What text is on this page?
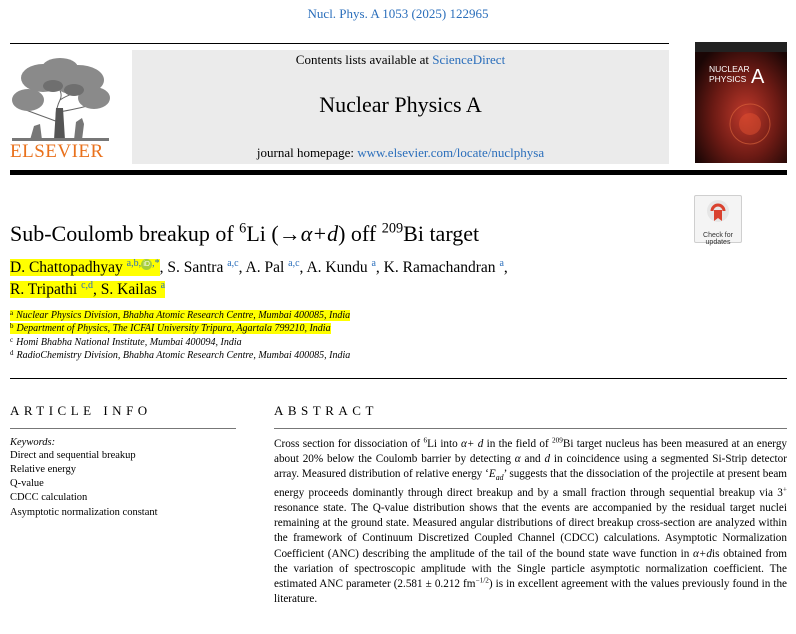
Nucl. Phys. A 1053 (2025) 122965
ELSEVIER
Contents lists available at ScienceDirect
Nuclear Physics A
journal homepage: www.elsevier.com/locate/nuclphysa
NUCLEAR
PHYSICS A
Check for
updates
Sub-Coulomb breakup of $^6$Li (→α+d) off $^{209}$Bi target
D. Chattopadhyay $^{a,b,}$ iD ,*, S. Santra $^{a,c}$, A. Pal $^{a,c}$, A. Kundu $^a$, K. Ramachandran $^a$,
R. Tripathi $^{c,d}$, S. Kailas $^a$
$^a$ Nuclear Physics Division, Bhabha Atomic Research Centre, Mumbai 400085, India
$^b$ Department of Physics, The ICFAI University Tripura, Agartala 799210, India
$^c$ Homi Bhabha National Institute, Mumbai 400094, India
$^d$ RadioChemistry Division, Bhabha Atomic Research Centre, Mumbai 400085, India
ARTICLE INFO
Keywords:
Direct and sequential breakup
Relative energy
Q-value
CDCC calculation
Asymptotic normalization constant
ABSTRACT
Cross section for dissociation of $^6$Li into α+ d in the field of $^{209}$Bi target nucleus has been measured at an energy about 20% below the Coulomb barrier by detecting α and d in coincidence using a segmented Si-Strip detector array. Measured distribution of relative energy ‘$E_{ad}$’ suggests that the dissociation of the projectile at present beam energy proceeds dominantly through direct breakup and by a small fraction through sequential breakup via 3+ resonance state. The Q-value distribution shows that the events are accompanied by the residual target nuclei remaining at the ground state. Measured angular distributions of direct breakup cross-section are analyzed within the framework of Continuum Discretized Coupled Channel (CDCC) calculations. Asymptotic Normalization Coefficient (ANC) describing the amplitude of the tail of the bound state wave function in α+dis obtained from the variation of spectroscopic amplitude with the Single particle asymptotic normalization coefficient. The estimated ANC parameter (2.581 ± 0.212 $fm^{-1/2}$) is in excellent agreement with the values previously found in the literature.
